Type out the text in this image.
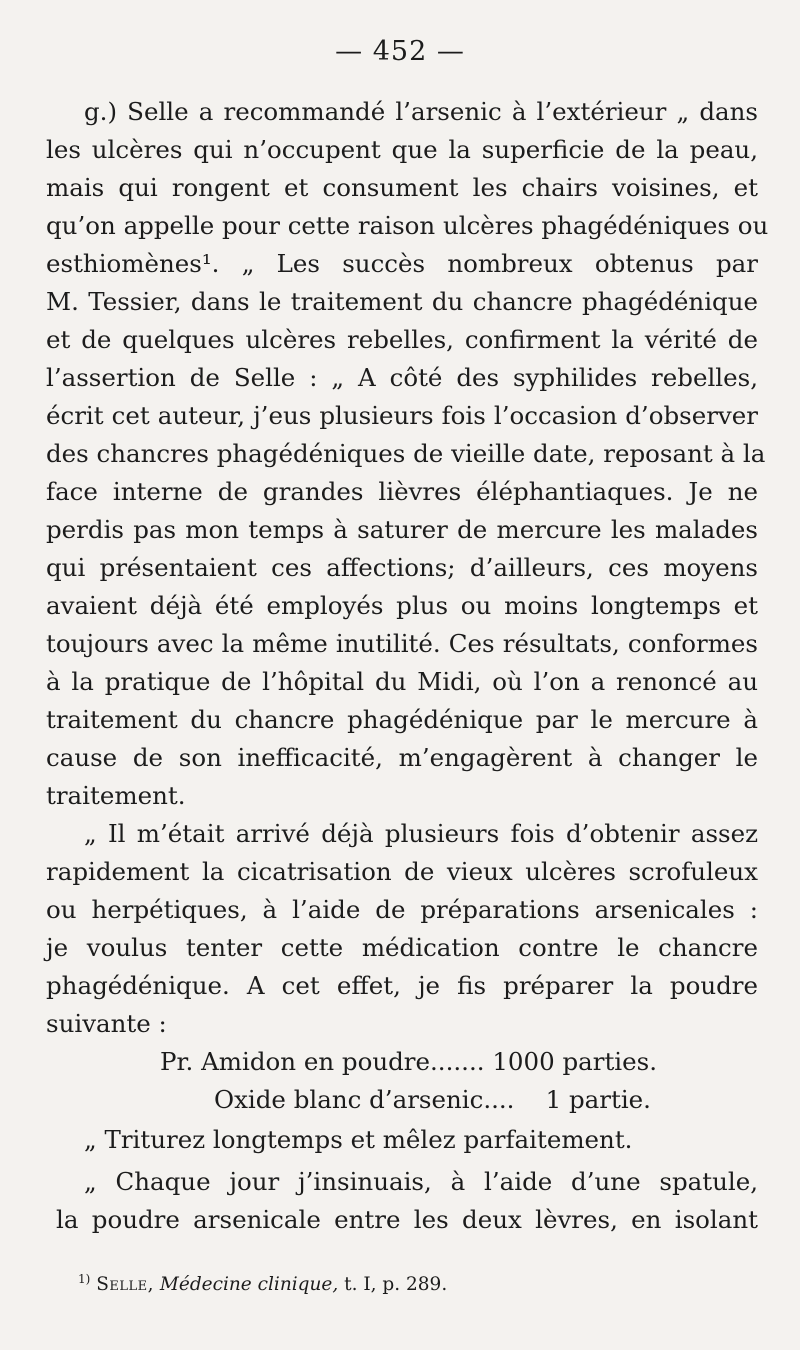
— 452 —
g.) Selle a recommandé l’arsenic à l’extérieur „ dans
les ulcères qui n’occupent que la superficie de la peau,
mais qui rongent et consument les chairs voisines, et
qu’on appelle pour cette raison ulcères phagédéniques ou
esthiomènes¹. „ Les succès nombreux obtenus par
M. Tessier, dans le traitement du chancre phagédénique
et de quelques ulcères rebelles, confirment la vérité de
l’assertion de Selle : „ A côté des syphilides rebelles,
écrit cet auteur, j’eus plusieurs fois l’occasion d’observer
des chancres phagédéniques de vieille date, reposant à la
face interne de grandes lièvres éléphantiaques. Je ne
perdis pas mon temps à saturer de mercure les malades
qui présentaient ces affections; d’ailleurs, ces moyens
avaient déjà été employés plus ou moins longtemps et
toujours avec la même inutilité. Ces résultats, conformes
à la pratique de l’hôpital du Midi, où l’on a renoncé au
traitement du chancre phagédénique par le mercure à
cause de son inefficacité, m’engagèrent à changer le
traitement.
„ Il m’était arrivé déjà plusieurs fois d’obtenir assez
rapidement la cicatrisation de vieux ulcères scrofuleux
ou herpétiques, à l’aide de préparations arsenicales :
je voulus tenter cette médication contre le chancre
phagédénique. A cet effet, je fis préparer la poudre
suivante :
Pr. Amidon en poudre....... 1000 parties.
Oxide blanc d’arsenic....    1 partie.
„ Triturez longtemps et mêlez parfaitement.
„ Chaque jour j’insinuais, à l’aide d’une spatule,
la poudre arsenicale entre les deux lèvres, en isolant
$^{1)}$ Selle, Médecine clinique, t. I, p. 289.
